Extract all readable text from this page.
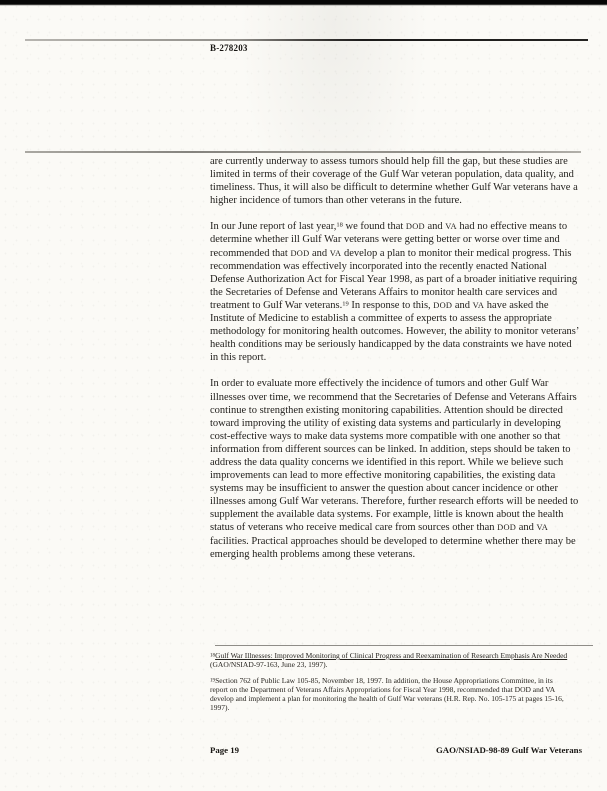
B-278203

are currently underway to assess tumors should help fill the gap, but these studies are limited in terms of their coverage of the Gulf War veteran population, data quality, and timeliness. Thus, it will also be difficult to determine whether Gulf War veterans have a higher incidence of tumors than other veterans in the future.

In our June report of last year,$^{18}$ we found that DOD and VA had no effective means to determine whether ill Gulf War veterans were getting better or worse over time and recommended that DOD and VA develop a plan to monitor their medical progress. This recommendation was effectively incorporated into the recently enacted National Defense Authorization Act for Fiscal Year 1998, as part of a broader initiative requiring the Secretaries of Defense and Veterans Affairs to monitor health care services and treatment to Gulf War veterans.$^{19}$ In response to this, DOD and VA have asked the Institute of Medicine to establish a committee of experts to assess the appropriate methodology for monitoring health outcomes. However, the ability to monitor veterans’ health conditions may be seriously handicapped by the data constraints we have noted in this report.

In order to evaluate more effectively the incidence of tumors and other Gulf War illnesses over time, we recommend that the Secretaries of Defense and Veterans Affairs continue to strengthen existing monitoring capabilities. Attention should be directed toward improving the utility of existing data systems and particularly in developing cost-effective ways to make data systems more compatible with one another so that information from different sources can be linked. In addition, steps should be taken to address the data quality concerns we identified in this report. While we believe such improvements can lead to more effective monitoring capabilities, the existing data systems may be insufficient to answer the question about cancer incidence or other illnesses among Gulf War veterans. Therefore, further research efforts will be needed to supplement the available data systems. For example, little is known about the health status of veterans who receive medical care from sources other than DOD and VA facilities. Practical approaches should be developed to determine whether there may be emerging health problems among these veterans.

$^{18}$Gulf War Illnesses: Improved Monitoring of Clinical Progress and Reexamination of Research Emphasis Are Needed (GAO/NSIAD-97-163, June 23, 1997).

$^{19}$Section 762 of Public Law 105-85, November 18, 1997. In addition, the House Appropriations Committee, in its report on the Department of Veterans Affairs Appropriations for Fiscal Year 1998, recommended that DOD and VA develop and implement a plan for monitoring the health of Gulf War veterans (H.R. Rep. No. 105-175 at pages 15-16, 1997).

Page 19	GAO/NSIAD-98-89 Gulf War Veterans
